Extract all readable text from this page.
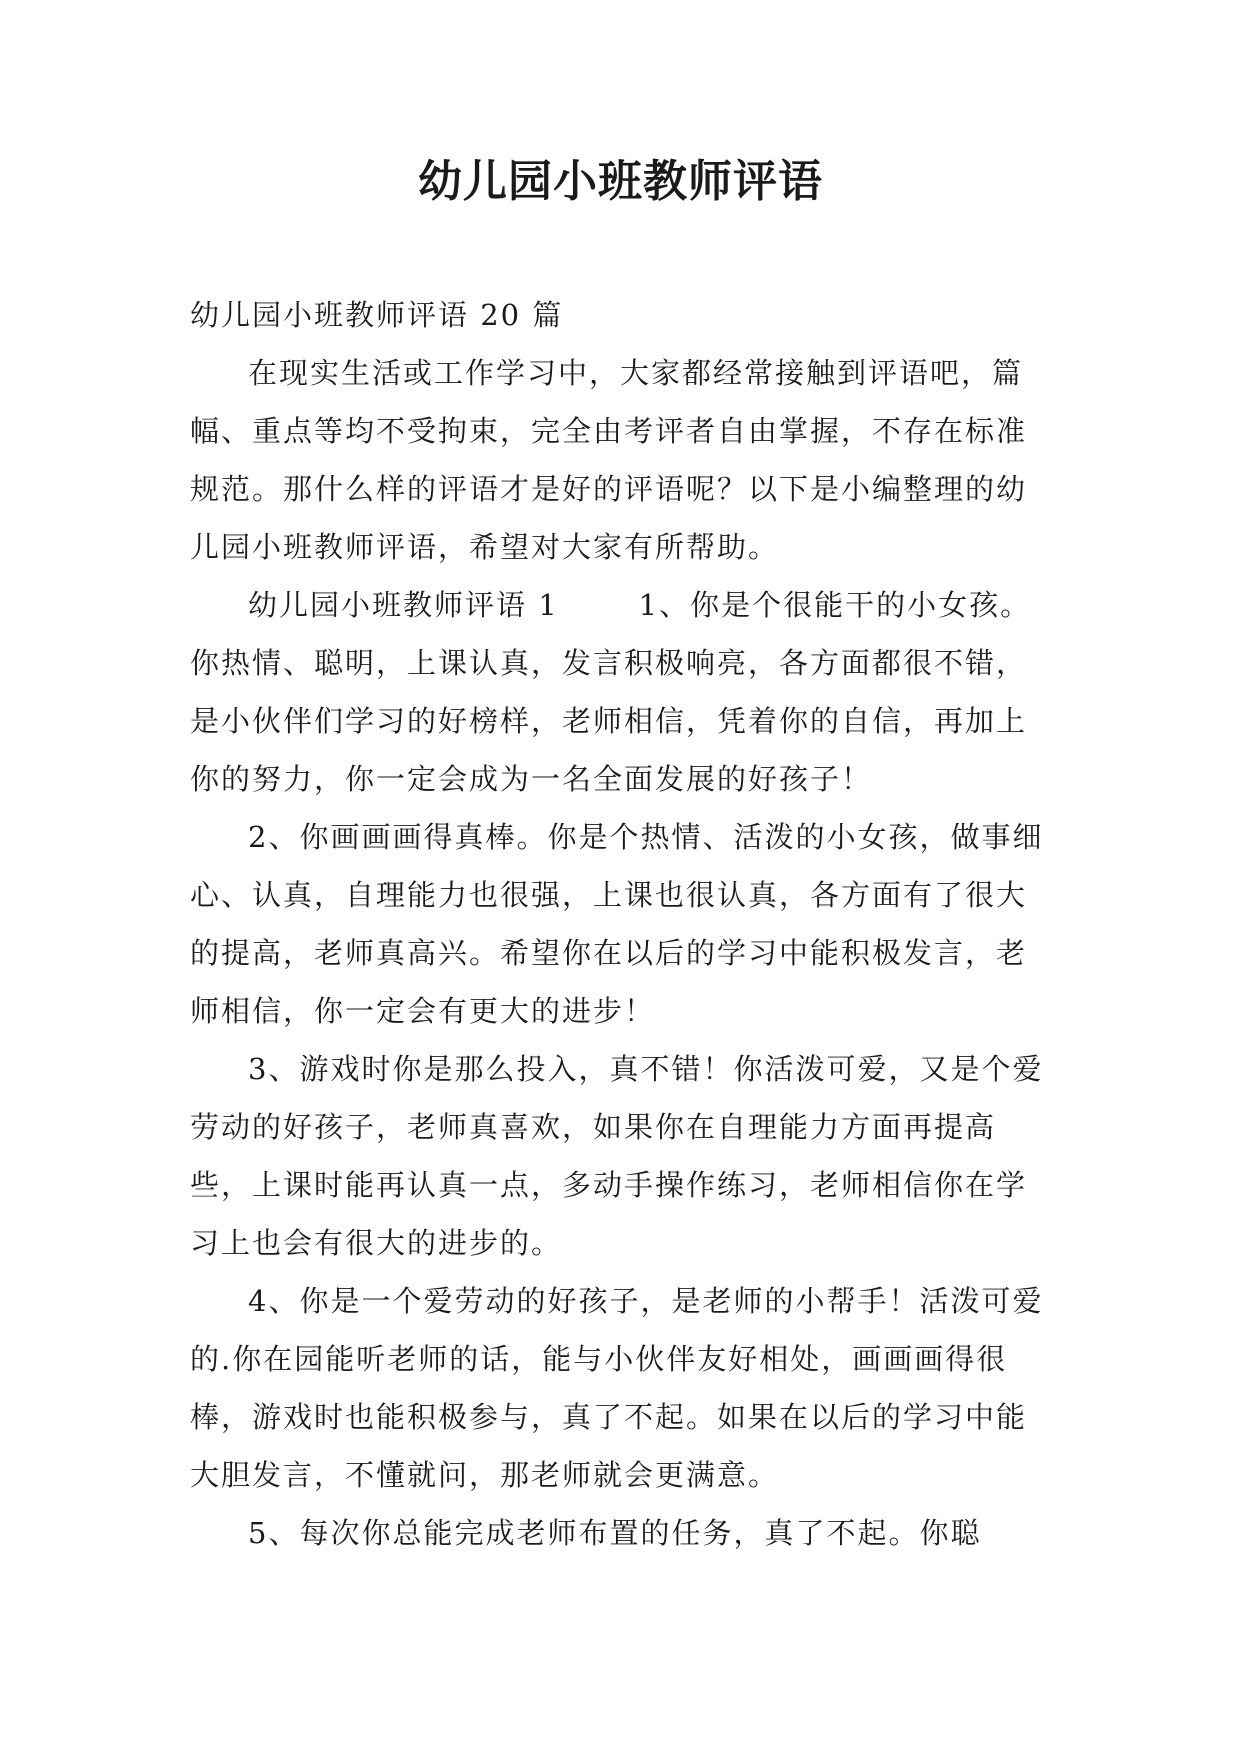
幼儿园小班教师评语

幼儿园小班教师评语 20 篇

在现实生活或工作学习中，大家都经常接触到评语吧，篇幅、重点等均不受拘束，完全由考评者自由掌握，不存在标准规范。那什么样的评语才是好的评语呢？以下是小编整理的幼儿园小班教师评语，希望对大家有所帮助。

幼儿园小班教师评语 1	1、你是个很能干的小女孩。你热情、聪明，上课认真，发言积极响亮，各方面都很不错，是小伙伴们学习的好榜样，老师相信，凭着你的自信，再加上你的努力，你一定会成为一名全面发展的好孩子！

2、你画画画得真棒。你是个热情、活泼的小女孩，做事细心、认真，自理能力也很强，上课也很认真，各方面有了很大的提高，老师真高兴。希望你在以后的学习中能积极发言，老师相信，你一定会有更大的进步！

3、游戏时你是那么投入，真不错！你活泼可爱，又是个爱劳动的好孩子，老师真喜欢，如果你在自理能力方面再提高些，上课时能再认真一点，多动手操作练习，老师相信你在学习上也会有很大的进步的。

4、你是一个爱劳动的好孩子，是老师的小帮手！活泼可爱的.你在园能听老师的话，能与小伙伴友好相处，画画画得很棒，游戏时也能积极参与，真了不起。如果在以后的学习中能大胆发言，不懂就问，那老师就会更满意。

5、每次你总能完成老师布置的任务，真了不起。你聪
